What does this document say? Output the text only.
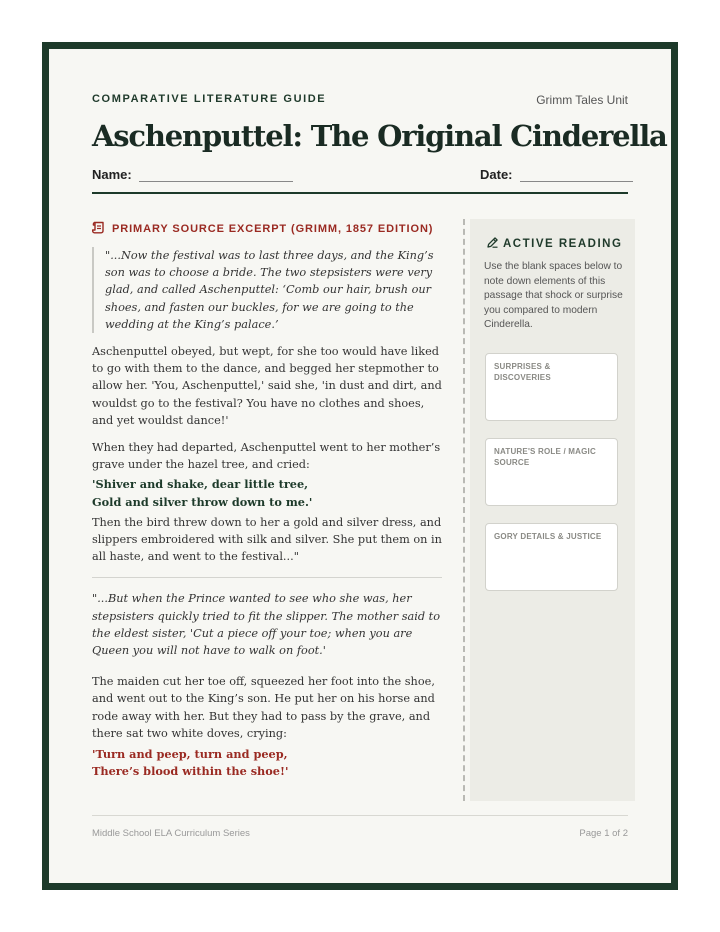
COMPARATIVE LITERATURE GUIDE	Grimm Tales Unit
Aschenputtel: The Original Cinderella
Name:	Date:
PRIMARY SOURCE EXCERPT (GRIMM, 1857 EDITION)

"...Now the festival was to last three days, and the King’s son was to choose a bride. The two stepsisters were very glad, and called Aschenputtel: ‘Comb our hair, brush our shoes, and fasten our buckles, for we are going to the wedding at the King’s palace.’

Aschenputtel obeyed, but wept, for she too would have liked to go with them to the dance, and begged her stepmother to allow her. 'You, Aschenputtel,' said she, 'in dust and dirt, and wouldst go to the festival? You have no clothes and shoes, and yet wouldst dance!'

When they had departed, Aschenputtel went to her mother’s grave under the hazel tree, and cried:

'Shiver and shake, dear little tree,
Gold and silver throw down to me.'

Then the bird threw down to her a gold and silver dress, and slippers embroidered with silk and silver. She put them on in all haste, and went to the festival..."

"...But when the Prince wanted to see who she was, her stepsisters quickly tried to fit the slipper. The mother said to the eldest sister, 'Cut a piece off your toe; when you are Queen you will not have to walk on foot.'

The maiden cut her toe off, squeezed her foot into the shoe, and went out to the King’s son. He put her on his horse and rode away with her. But they had to pass by the grave, and there sat two white doves, crying:

'Turn and peep, turn and peep,
There’s blood within the shoe!'

ACTIVE READING

Use the blank spaces below to note down elements of this passage that shock or surprise you compared to modern Cinderella.

SURPRISES & DISCOVERIES
NATURE'S ROLE / MAGIC SOURCE
GORY DETAILS & JUSTICE
Middle School ELA Curriculum Series	Page 1 of 2
